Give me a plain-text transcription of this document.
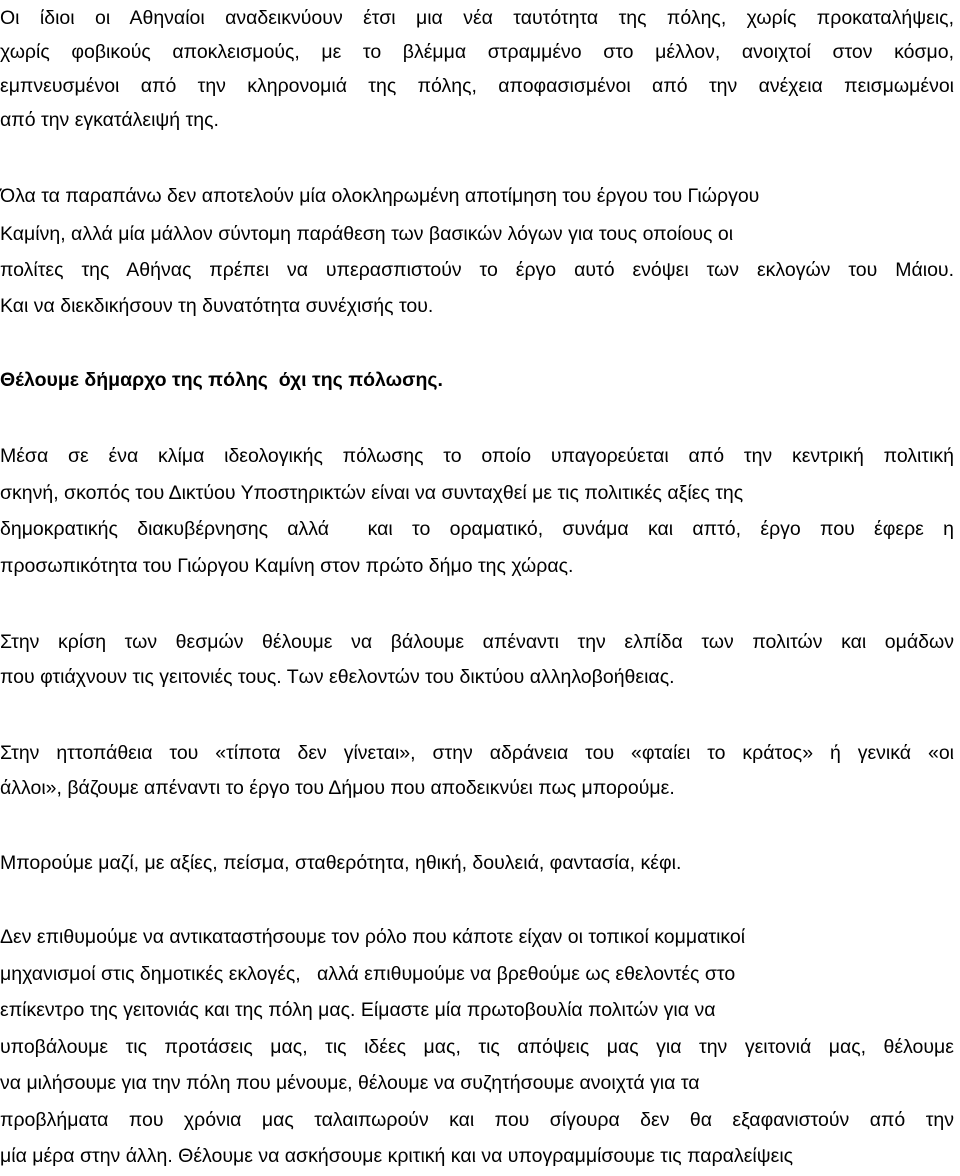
Οι ίδιοι οι Αθηναίοι αναδεικνύουν έτσι μια νέα ταυτότητα της πόλης, χωρίς προκαταλήψεις,
χωρίς φοβικούς αποκλεισμούς, με το βλέμμα στραμμένο στο μέλλον, ανοιχτοί στον κόσμο,
εμπνευσμένοι από την κληρονομιά της πόλης, αποφασισμένοι από την ανέχεια πεισμωμένοι
από την εγκατάλειψή της.
Όλα τα παραπάνω δεν αποτελούν μία ολοκληρωμένη αποτίμηση του έργου του Γιώργου
Καμίνη, αλλά μία μάλλον σύντομη παράθεση των βασικών λόγων για τους οποίους οι
πολίτες της Αθήνας πρέπει να υπερασπιστούν το έργο αυτό ενόψει των εκλογών του Μάιου.
Και να διεκδικήσουν τη δυνατότητα συνέχισής του.
Θέλουμε δήμαρχο της πόλης  όχι της πόλωσης.
Μέσα σε ένα κλίμα ιδεολογικής πόλωσης το οποίο υπαγορεύεται από την κεντρική πολιτική
σκηνή, σκοπός του Δικτύου Υποστηρικτών είναι να συνταχθεί με τις πολιτικές αξίες της
δημοκρατικής διακυβέρνησης αλλά  και το οραματικό, συνάμα και απτό, έργο που έφερε η
προσωπικότητα του Γιώργου Καμίνη στον πρώτο δήμο της χώρας.
Στην κρίση των θεσμών θέλουμε να βάλουμε απέναντι την ελπίδα των πολιτών και ομάδων
που φτιάχνουν τις γειτονιές τους. Των εθελοντών του δικτύου αλληλοβοήθειας.
Στην ηττοπάθεια του «τίποτα δεν γίνεται», στην αδράνεια του «φταίει το κράτος» ή γενικά «οι
άλλοι», βάζουμε απέναντι το έργο του Δήμου που αποδεικνύει πως μπορούμε.
Μπορούμε μαζί, με αξίες, πείσμα, σταθερότητα, ηθική, δουλειά, φαντασία, κέφι.
Δεν επιθυμούμε να αντικαταστήσουμε τον ρόλο που κάποτε είχαν οι τοπικοί κομματικοί
μηχανισμοί στις δημοτικές εκλογές,   αλλά επιθυμούμε να βρεθούμε ως εθελοντές στο
επίκεντρο της γειτονιάς και της πόλη μας. Είμαστε μία πρωτοβουλία πολιτών για να
υποβάλουμε τις προτάσεις μας, τις ιδέες μας, τις απόψεις μας για την γειτονιά μας, θέλουμε
να μιλήσουμε για την πόλη που μένουμε, θέλουμε να συζητήσουμε ανοιχτά για τα
προβλήματα που χρόνια μας ταλαιπωρούν και που σίγουρα δεν θα εξαφανιστούν από την
μία μέρα στην άλλη. Θέλουμε να ασκήσουμε κριτική και να υπογραμμίσουμε τις παραλείψεις
